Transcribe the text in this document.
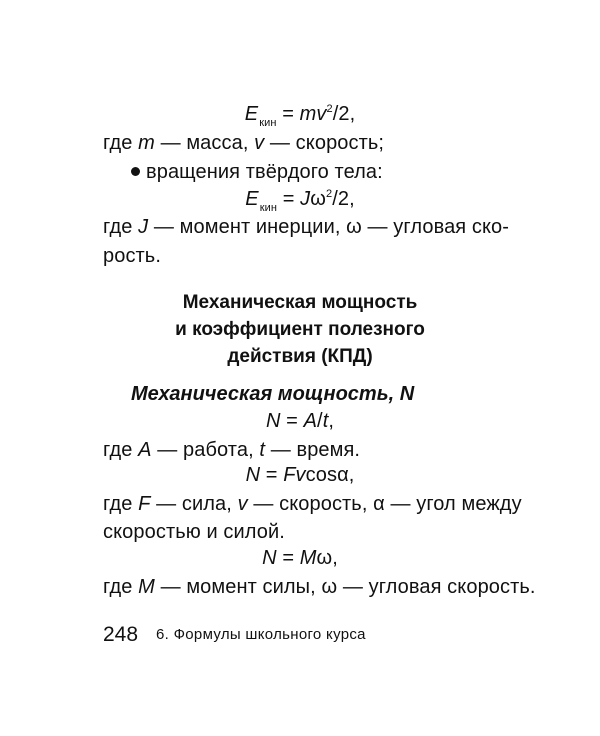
$E_{кин} = mv^2/2$,
где m — масса, v — скорость;
вращения твёрдого тела:
$E_{кин} = J\omega^2/2$,
где J — момент инерции, ω — угловая ско-
рость.
Механическая мощность
и коэффициент полезного
действия (КПД)
Механическая мощность, N
N = A/t,
где A — работа, t — время.
N = Fvcosα,
где F — сила, v — скорость, α — угол между
скоростью и силой.
N = Mω,
где M — момент силы, ω — угловая скорость.
248 6. Формулы школьного курса
